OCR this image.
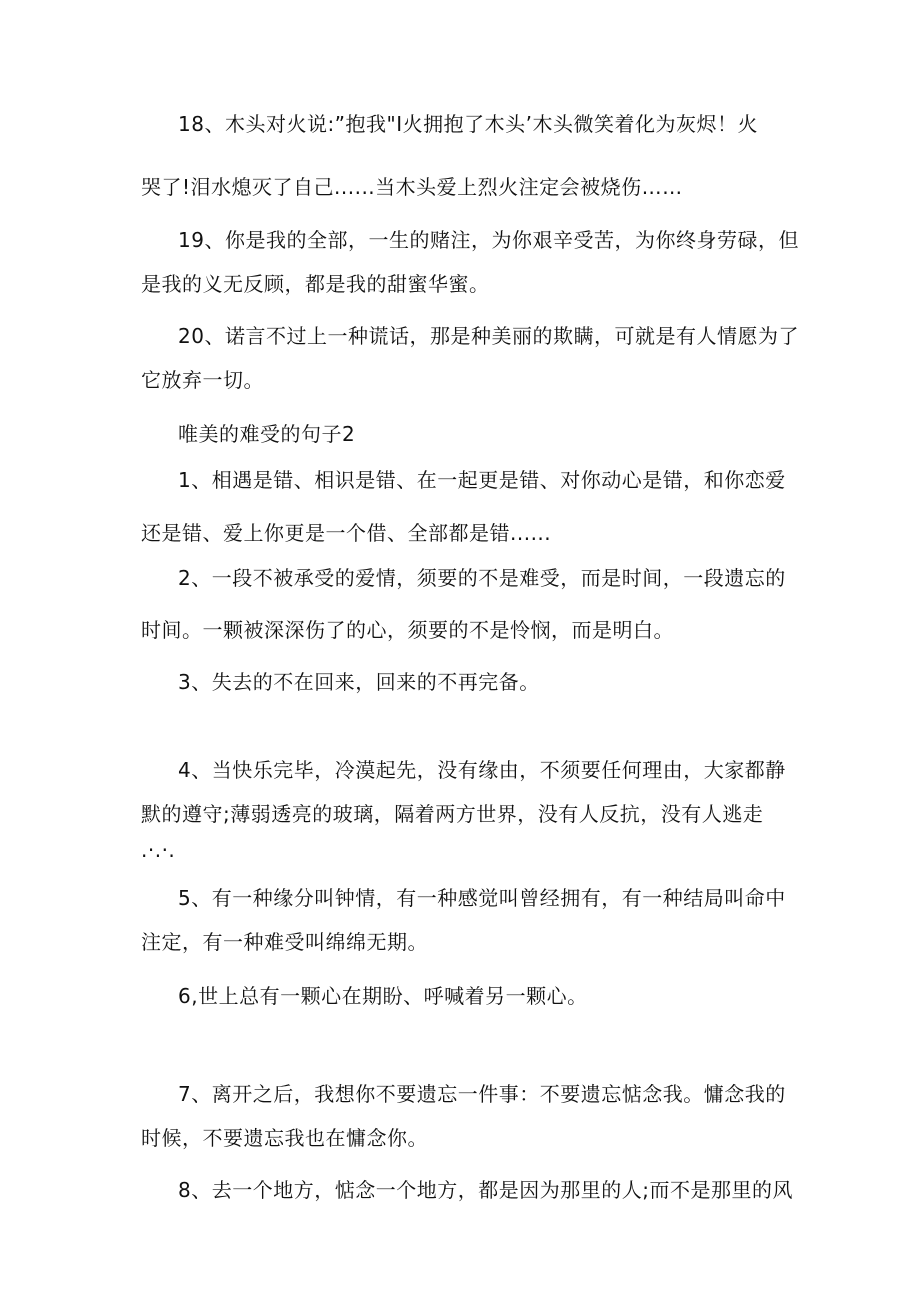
18、木头对火说:”抱我"I火拥抱了木头’木头微笑着化为灰烬！火
哭了!泪水熄灭了自己......当木头爱上烈火注定会被烧伤……
19、你是我的全部，一生的赌注，为你艰辛受苦，为你终身劳碌，但
是我的义无反顾，都是我的甜蜜华蜜。
20、诺言不过上一种谎话，那是种美丽的欺瞒，可就是有人情愿为了
它放弃一切。
唯美的难受的句子2
1、相遇是错、相识是错、在一起更是错、对你动心是错，和你恋爱
还是错、爱上你更是一个借、全部都是错......
2、一段不被承受的爱情，须要的不是难受，而是时间，一段遗忘的
时间。一颗被深深伤了的心，须要的不是怜悯，而是明白。
3、失去的不在回来，回来的不再完备。
4、当快乐完毕，冷漠起先，没有缘由，不须要任何理由，大家都静
默的遵守;薄弱透亮的玻璃，隔着两方世界，没有人反抗，没有人逃走
.·.·.
5、有一种缘分叫钟情，有一种感觉叫曾经拥有，有一种结局叫命中
注定，有一种难受叫绵绵无期。
6,世上总有一颗心在期盼、呼喊着另一颗心。
7、离开之后，我想你不要遗忘一件事：不要遗忘惦念我。慵念我的
时候，不要遗忘我也在慵念你。
8、去一个地方，惦念一个地方，都是因为那里的人;而不是那里的风
